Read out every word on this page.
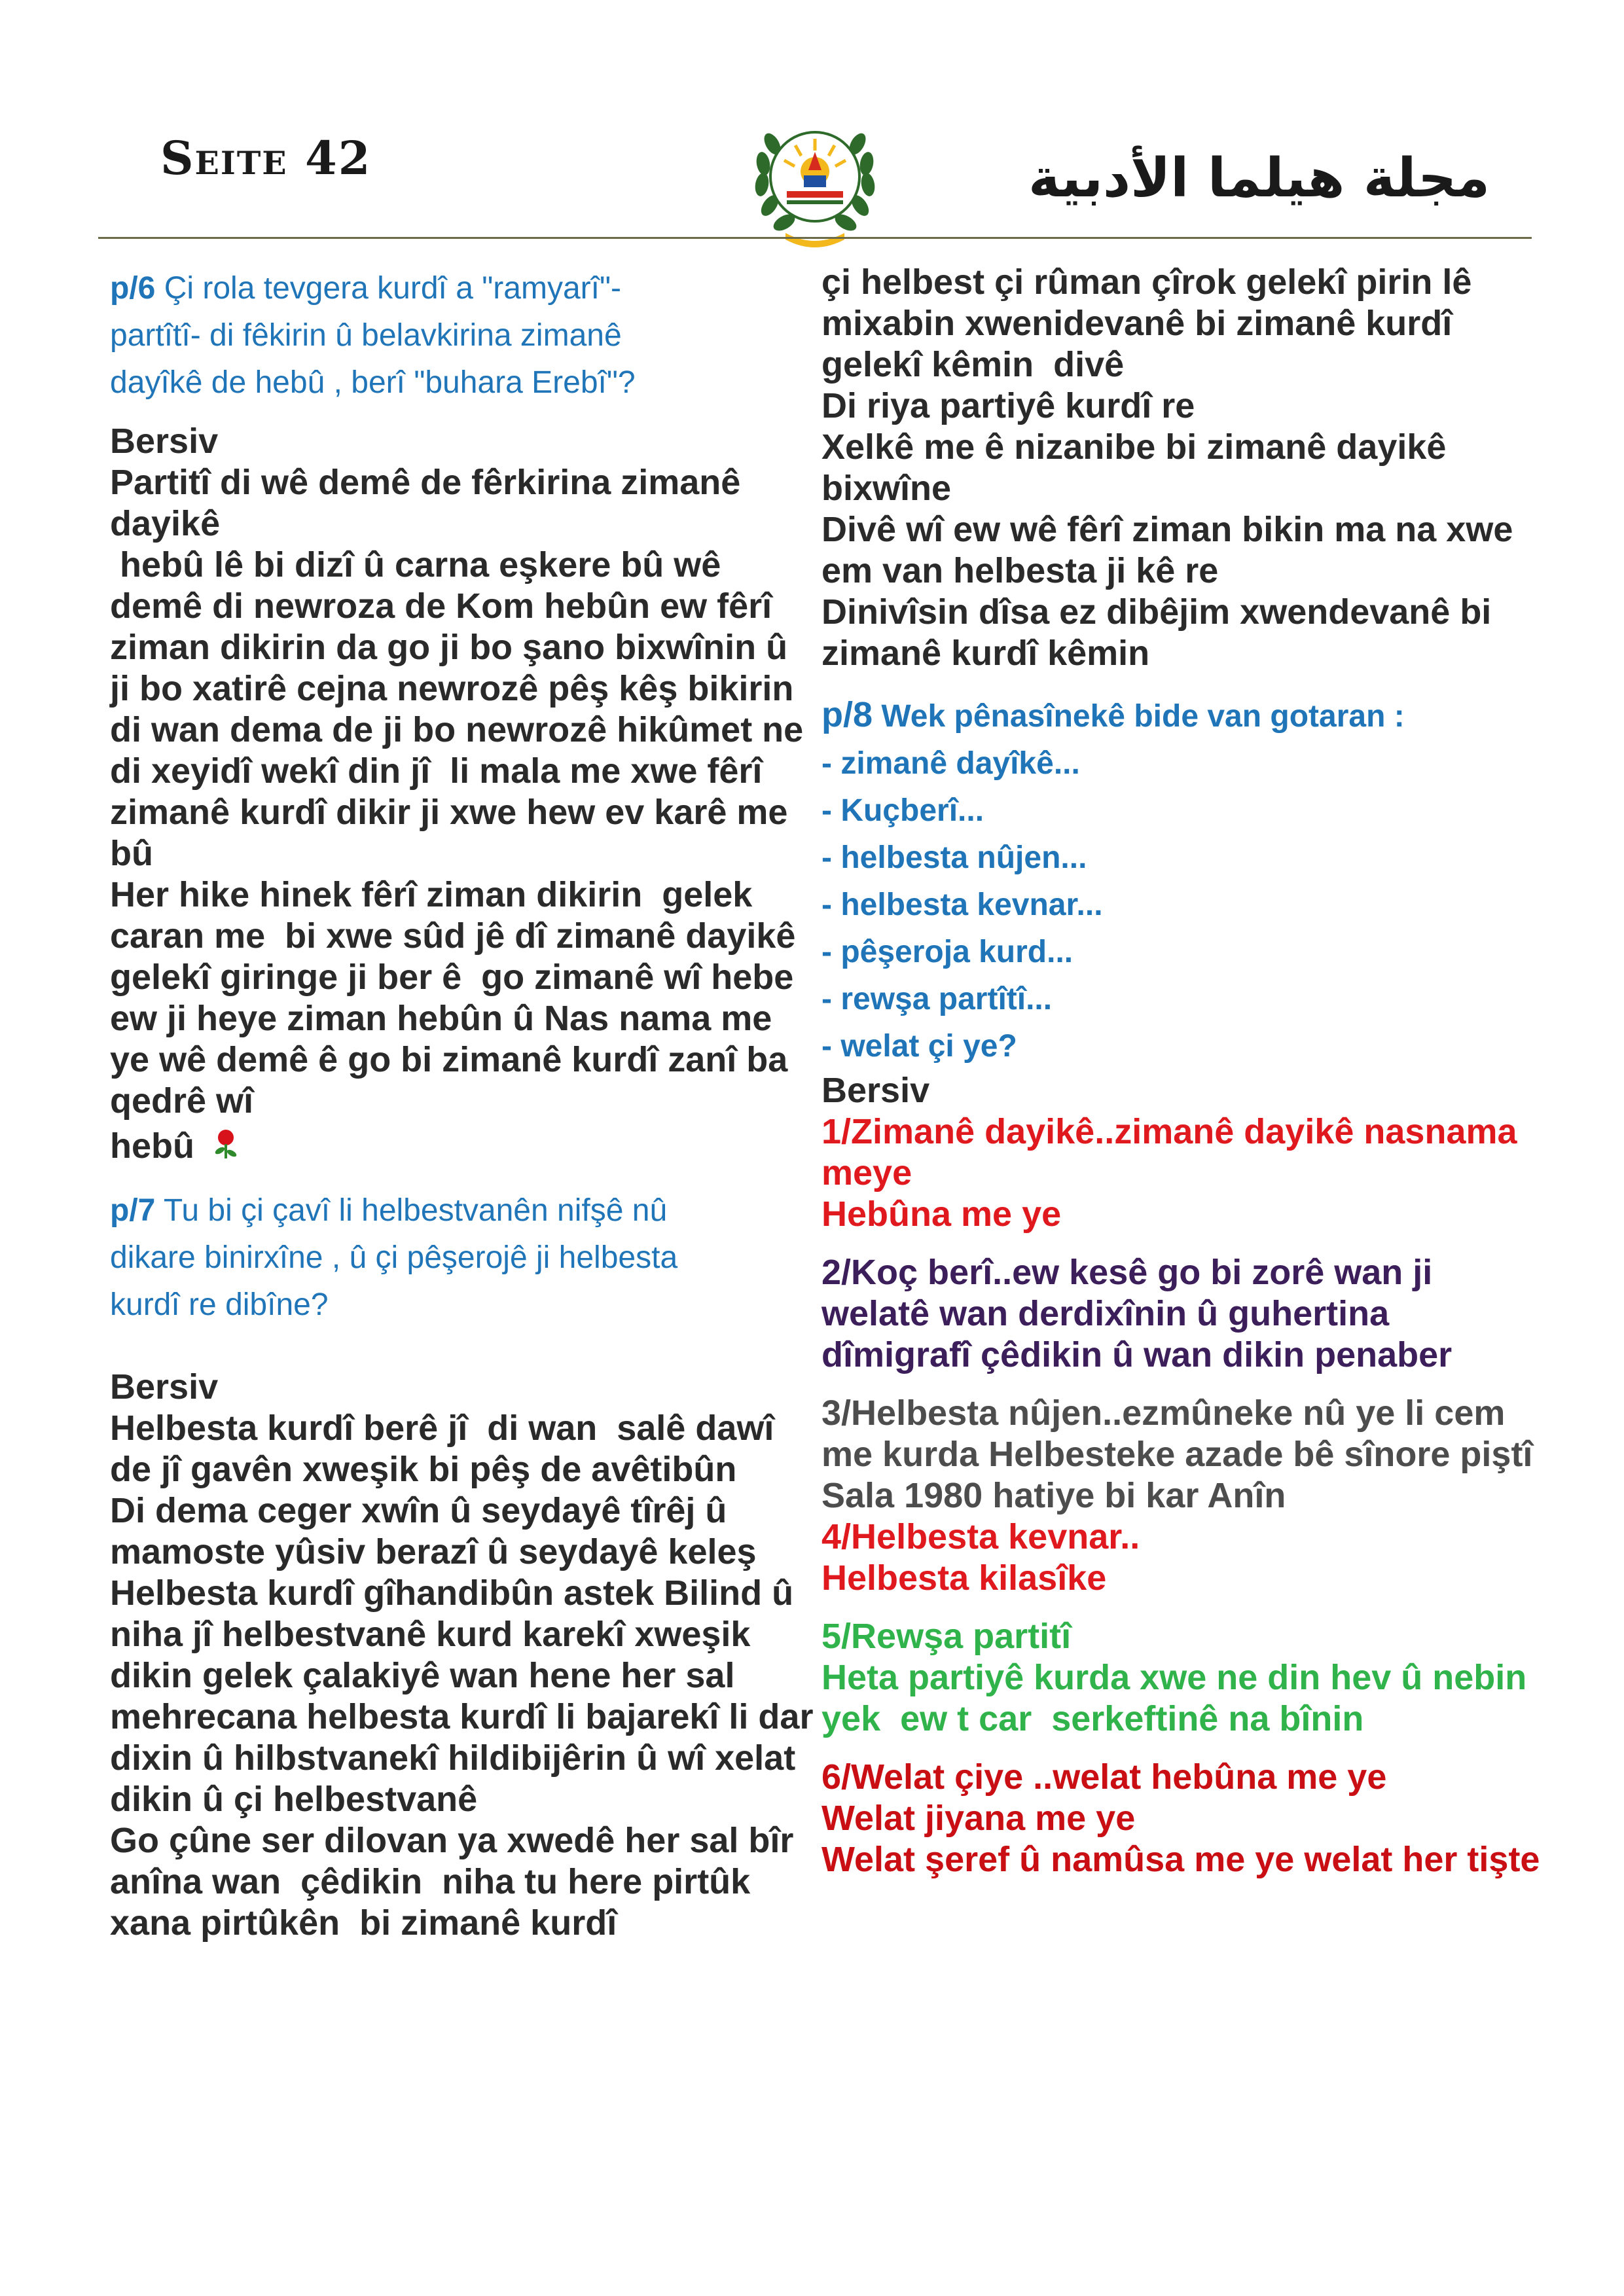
Seite 42	مجلة هيلما الأدبية

p/6 Çi rola tevgera kurdî a "ramyarî"-

partîtî- di fêkirin û belavkirina zimanê

dayîkê de hebû , berî "buhara Erebî"?

Bersiv

Partitî di wê demê de fêrkirina zimanê dayikê
hebû lê bi dizî û carna eşkere bû wê demê di newroza de Kom hebûn ew fêrî ziman dikirin da go ji bo şano bixwînin û ji bo xatirê cejna newrozê pêş kêş bikirin di wan dema de ji bo newrozê hikûmet ne di xeyidî wekî din jî  li mala me xwe fêrî zimanê kurdî dikir ji xwe hew ev karê me bû
Her hike hinek fêrî ziman dikirin  gelek caran me  bi xwe sûd jê dî zimanê dayikê gelekî giringe ji ber ê  go zimanê wî hebe ew ji heye ziman hebûn û Nas nama me ye wê demê ê go bi zimanê kurdî zanî ba qedrê wî

hebû

p/7 Tu bi çi çavî li helbestvanên nifşê nû

dikare binirxîne , û çi pêşerojê ji helbesta

kurdî re dibîne?

Bersiv

Helbesta kurdî berê jî  di wan  salê dawî de jî gavên xweşik bi pêş de avêtibûn
Di dema ceger xwîn û seydayê tîrêj û mamoste yûsiv berazî û seydayê keleş
Helbesta kurdî gîhandibûn astek Bilind û niha jî helbestvanê kurd karekî xweşik dikin gelek çalakiyê wan hene her sal mehrecana helbesta kurdî li bajarekî li dar dixin û hilbstvanekî hildibijêrin û wî xelat dikin û çi helbestvanê
Go çûne ser dilovan ya xwedê her sal bîr anîna wan  çêdikin  niha tu here pirtûk xana pirtûkên  bi zimanê kurdî

çi helbest çi rûman çîrok gelekî pirin lê mixabin xwenidevanê bi zimanê kurdî gelekî kêmin  divê
Di riya partiyê kurdî re
Xelkê me ê nizanibe bi zimanê dayikê bixwîne
Divê wî ew wê fêrî ziman bikin ma na xwe em van helbesta ji kê re
Dinivîsin dîsa ez dibêjim xwendevanê bi zimanê kurdî kêmin

p/8 Wek pênasînekê bide van gotaran :

- zimanê dayîkê...

- Kuçberî...

- helbesta nûjen...

- helbesta kevnar...

- pêşeroja kurd...

- rewşa partîtî...

- welat çi ye?

Bersiv

1/Zimanê dayikê..zimanê dayikê nasnama meye
Hebûna me ye

2/Koç berî..ew kesê go bi zorê wan ji welatê wan derdixînin û guhertina dîmigrafî çêdikin û wan dikin penaber

3/Helbesta nûjen..ezmûneke nû ye li cem me kurda Helbesteke azade bê sînore piştî Sala 1980 hatiye bi kar Anîn

4/Helbesta kevnar..
Helbesta kilasîke

5/Rewşa partitî
Heta partiyê kurda xwe ne din hev û nebin yek  ew t car  serkeftinê na bînin

6/Welat çiye ..welat hebûna me ye
Welat jiyana me ye
Welat şeref û namûsa me ye welat her tişte
